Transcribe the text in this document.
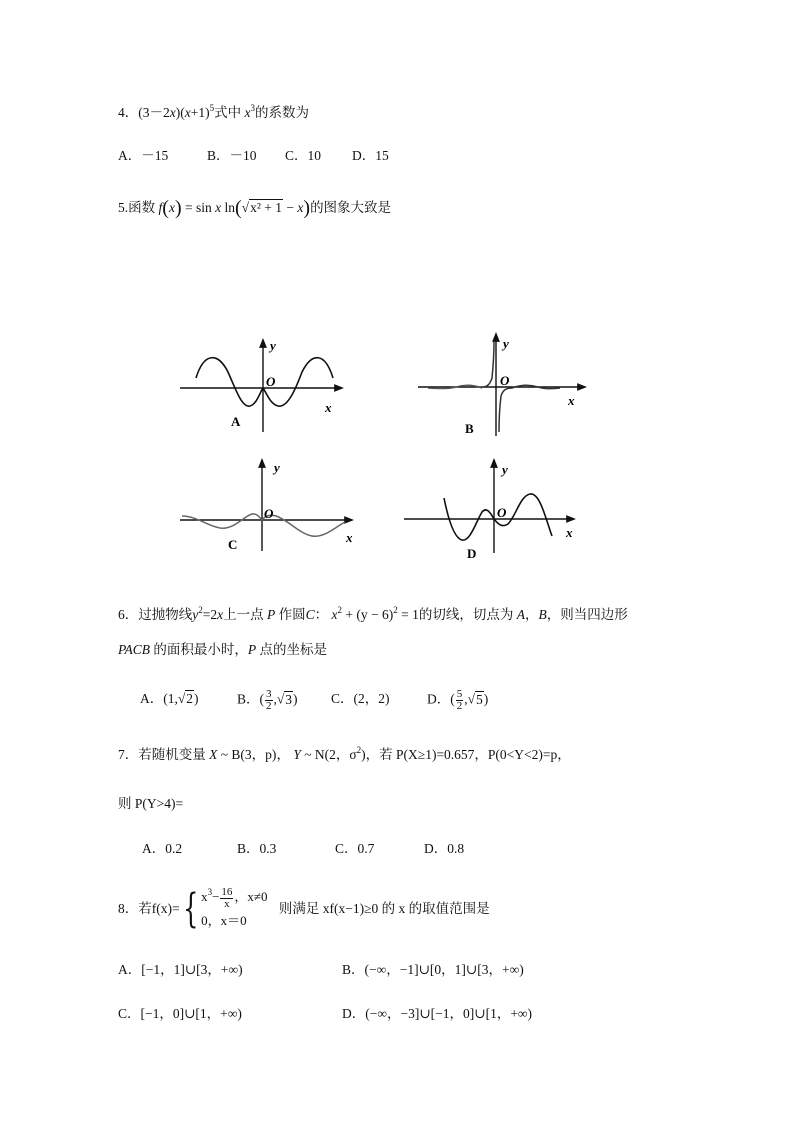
4．$(3-2x)(x+1)^5$式中 $x^3$的系数为
A．－15	B．－10 C．10 D．15
5.函数 f(x) = sin x ln(√x² + 1 − x)的图象大致是
y
O
x
A
y
O
x
B
y
O
x
C
y
O
x
D
6．过抛物线$y^2=2x$上一点 P 作圆C： $x^2 + (y - 6)^2 = 1$的切线，切点为 A，B，则当四边形
PACB 的面积最小时，P 点的坐标是
A．(1,√2)	B．( $\frac{3}{2} ,√3$) C．(2，2)	D．( $\frac{5}{2} ,√5$)
7．若随机变量 X ~ B(3，p)， Y ~ N(2，$\sigma^2$)，若 P(X≥1)=0.657，P(0<Y<2)=p，
则 P(Y>4)=
A．0.2	B．0.3	C．0.7	D．0.8
8．若f(x)={ $x^3- \frac{16}{x}$ ，x≠0
0，x＝0
则满足 xf(x−1)≥0 的 x 的取值范围是
A．[−1，1]∪[3，+∞)	B．(−∞，−1]∪[0，1]∪[3，+∞)
C．[−1，0]∪[1，+∞)	D．(−∞，−3]∪[−1，0]∪[1，+∞)
